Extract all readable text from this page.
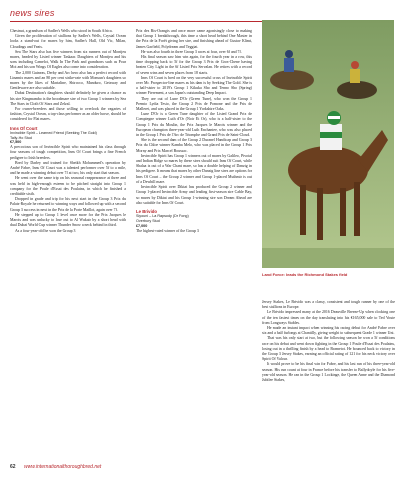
news sires

Chestnut, a grandson of Sadler's Wells who stood in South Africa.

Given the proliferation of stallions by Sadler's Wells, Crystal Ocean looks a stand-out for mares by him, Sadler's Hall, Old Vic, Milan, Cloudings and Yeats.

Sea The Stars also has five winners from six runners out of Montjeu mares, headed by Listed winner Taskaar. Daughters of Montjeu and his sons including Camelot, Walk In The Park and grandsons such as Pour Moi and his son Wings Of Eagles also come into consideration.

The 2,000 Guineas, Derby and Arc hero also has a perfect record with Linamix mares and an 80 per cent strike-rate with Monsun's daughters so mares by the likes of Martaline, Shirocco, Manduro, Getaway and Gentlewave are also suitable.

Dubai Destination's daughters should definitely be given a chance as his sire Kingmambo is the broodmare sire of two Group 1 winners by Sea The Stars in Cloth Of Stars and Zelzal.

For owner-breeders and those willing to overlook the vagaries of fashion, Crystal Ocean, a top-class performer as an older horse, should be considered for Flat mares.

Inns Of Court
Invincible Spirit – Learned Friend (Seeking The Gold)
Tally-Ho Stud
€7,500

A precocious son of Invincible Spirit who maintained his class through four seasons of tough competition, Inns Of Court brings a fine French pedigree to Irish breeders.

Bred by Darley and trained for Sheikh Mohammed's operation by André Fabre, Inns Of Court was a talented performer over 5f to a mile, and he made a winning debut over 7f at two, his only start that season.

He went over the same trip on his seasonal reappearance at three and was held in high-enough esteem to be pitched straight into Group 1 company for the Poule d'Essai des Poulains, in which he finished a creditable sixth.

Dropped in grade and trip for his next start in the Group 3 Prix du Palais-Royale he returned to winning ways and followed up with a second Group 3 success in next in the Prix de la Porte Maillot, again over 7f.

He stepped up to Group 1 level once more for the Prix Jacques le Marois and was unlucky to lose out to Al Wukair by a short head with dual Dubai World Cup winner Thunder Snow a neck behind in third.

As a four-year-old he won the Group 3

Prix des Ris-Orangis and once more came agonisingly close to making that Group 1 breakthrough, this time a short head behind One Master in the Prix de la Forêt giving her sire, and finishing ahead of Gustav Klimt, James Garfield, Polydream and Teggiat.

He was also fourth in three Group 3 races at four, over 6f and 7f.

His final season saw him win again, for the fourth year in a row, this time dropping back to 5f for the Group 3 Prix de Gros-Chene having beaten City Light in the 6f Listed Prix Servalan. He retires with a record of seven wins and seven places from 18 starts.

Inns Of Court is bred on the very successful cross of Invincible Spirit over Mr. Prospector-line mares as his dam is by Seeking The Gold. She is a half-sister to 2019's Group 1 Kikuka Sho and Tenno Sho (Spring) winner Fierement, a son Japan's outstanding Deep Impact.

They are out of Lune D'Or (Green Tune), who won the Group 1 Premio Lydia Tesio, the Group 2 Prix de Pomone and the Prix de Malleret, and was placed in the Group 1 Yorkshire Oaks.

Lune D'Or is a Green Tune daughter of the Listed Grand Prix de Compiegne winner Luth d'Or (Noir Et Or), who is a half-sister to the Group 1 Prix du Moulin, the Prix Jacques le Marois winner and the European champion three-year-old Luth Enchantee, who was also placed in the Group 1 Prix de l'Arc de Triomphe and Grand Prix de Saint-Cloud.

She is the second dam of the Group 2 Duranel Handicap and Group 3 Prix du Chloe winner Kamba Melo, who was placed in the Group 1 Prix Morny and Prix Marcel Boussac.

Invincible Spirit has Group 1 winners out of mares by Galileo, Pivotal and Indian Ridge so mares by these sires should suit Inns Of Court, while Shalaa is out of a War Chant mare, so has a double helping of Danzig in his pedigree. It means that mares by other Danzig line sires are options for Inns Of Court – the Group 2 winner and Group 1-placed Muthmir is out of a Dewhill mare.

Invincible Spirit over Diktat has produced the Group 2 winner and Group 1-placed Invincible Army and leading first-season sire Cable Bay, so mares by Diktat and his Group 1-winning sire son Dream Ahead are also suitable for Inns Of Court.

Le Brivido
Siyouni – La Rapsody (Dr Fong)
Overbury Stud
£7,000

The highest-rated winner of the Group 3

Land Force: leads the Richmond Stakes field

Jersey Stakes, Le Brivido was a classy, consistent and tough runner by one of the best stallions in Europe.

Le Brivido impressed many at the 2016 Deauville Breeze-Up when clocking one of the ten fastest times on the day translating into his €165,000 sale to Ted Voute from Longways Stables.

He made an instant impact when winning his racing debut for André Fabre over six and a half furlongs at Chantilly, giving weight to subsequent Grade 1 winner Uni.

That was his only start at two, but the following season he won a 5f conditions race on his debut and went down fighting in the Group 1 Poule d'Essai des Poulains, losing out in a thrilling finish by a head to Brametot. He bounced back to victory in the Group 3 Jersey Stakes, earning an official rating of 121 for his neck victory over Spirit Of Valour.

It would prove to be his final win for Fabre, and his last run of his three-year-old season. His run count at four in France before his transfer to Ballydoyle for his five-year-old season. He ran in the Group 1 Lockinge, the Queen Anne and the Diamond Jubilee Stakes,

62 www.internationalthoroughbred.net
